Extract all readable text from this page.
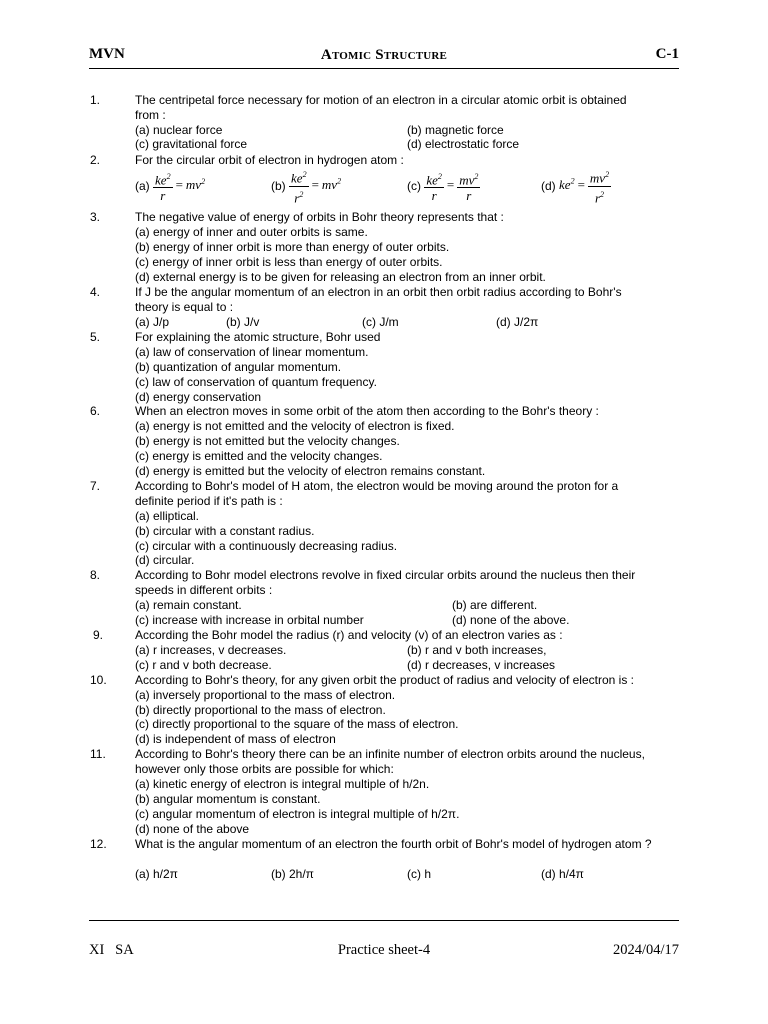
MVN	Atomic Structure	C-1
1.	The centripetal force necessary for motion of an electron in a circular atomic orbit is obtained
from :
(a) nuclear force	(b) magnetic force
(c) gravitational force	(d) electrostatic force
2.	For the circular orbit of electron in hydrogen atom :
(a)
$\frac{ke^2}{r} = mv^2$	(b)
$\frac{ke^2}{r^2} = mv^2$	(c)
$\frac{ke^2}{r} = \frac{mv^2}{r}$	(d)
$ke^2 = \frac{mv^2}{r^2}$
3.	The negative value of energy of orbits in Bohr theory represents that :
(a) energy of inner and outer orbits is same.
(b) energy of inner orbit is more than energy of outer orbits.
(c) energy of inner orbit is less than energy of outer orbits.
(d) external energy is to be given for releasing an electron from an inner orbit.
4.	If J be the angular momentum of an electron in an orbit then orbit radius according to Bohr's
theory is equal to :
(a) J/p	(b) J/v	(c) J/m	(d) J/2π
5.	For explaining the atomic structure, Bohr used
(a) law of conservation of linear momentum.
(b) quantization of angular momentum.
(c) law of conservation of quantum frequency.
(d) energy conservation
6.	When an electron moves in some orbit of the atom then according to the Bohr's theory :
(a) energy is not emitted and the velocity of electron is fixed.
(b) energy is not emitted but the velocity changes.
(c) energy is emitted and the velocity changes.
(d) energy is emitted but the velocity of electron remains constant.
7.	According to Bohr's model of H atom, the electron would be moving around the proton for a
definite period if it's path is :
(a) elliptical.
(b) circular with a constant radius.
(c) circular with a continuously decreasing radius.
(d) circular.
8.	According to Bohr model electrons revolve in fixed circular orbits around the nucleus then their
speeds in different orbits :
(a) remain constant.	(b) are different.
(c) increase with increase in orbital number	(d) none of the above.
9.	According the Bohr model the radius (r) and velocity (v) of an electron varies as :
(a) r increases, v decreases.	(b) r and v both increases,
(c) r and v both decrease.	(d) r decreases, v increases
10. According to Bohr's theory, for any given orbit the product of radius and velocity of electron is :
(a) inversely proportional to the mass of electron.
(b) directly proportional to the mass of electron.
(c) directly proportional to the square of the mass of electron.
(d) is independent of mass of electron
11. According to Bohr's theory there can be an infinite number of electron orbits around the nucleus,
however only those orbits are possible for which:
(a) kinetic energy of electron is integral multiple of h/2n.
(b) angular momentum is constant.
(c) angular momentum of electron is integral multiple of h/2π.
(d) none of the above
12. What is the angular momentum of an electron the fourth orbit of Bohr's model of hydrogen atom ?
(a) h/2π	(b) 2h/π	(c) h	(d) h/4π
XI   SA	Practice sheet-4	2024/04/17
